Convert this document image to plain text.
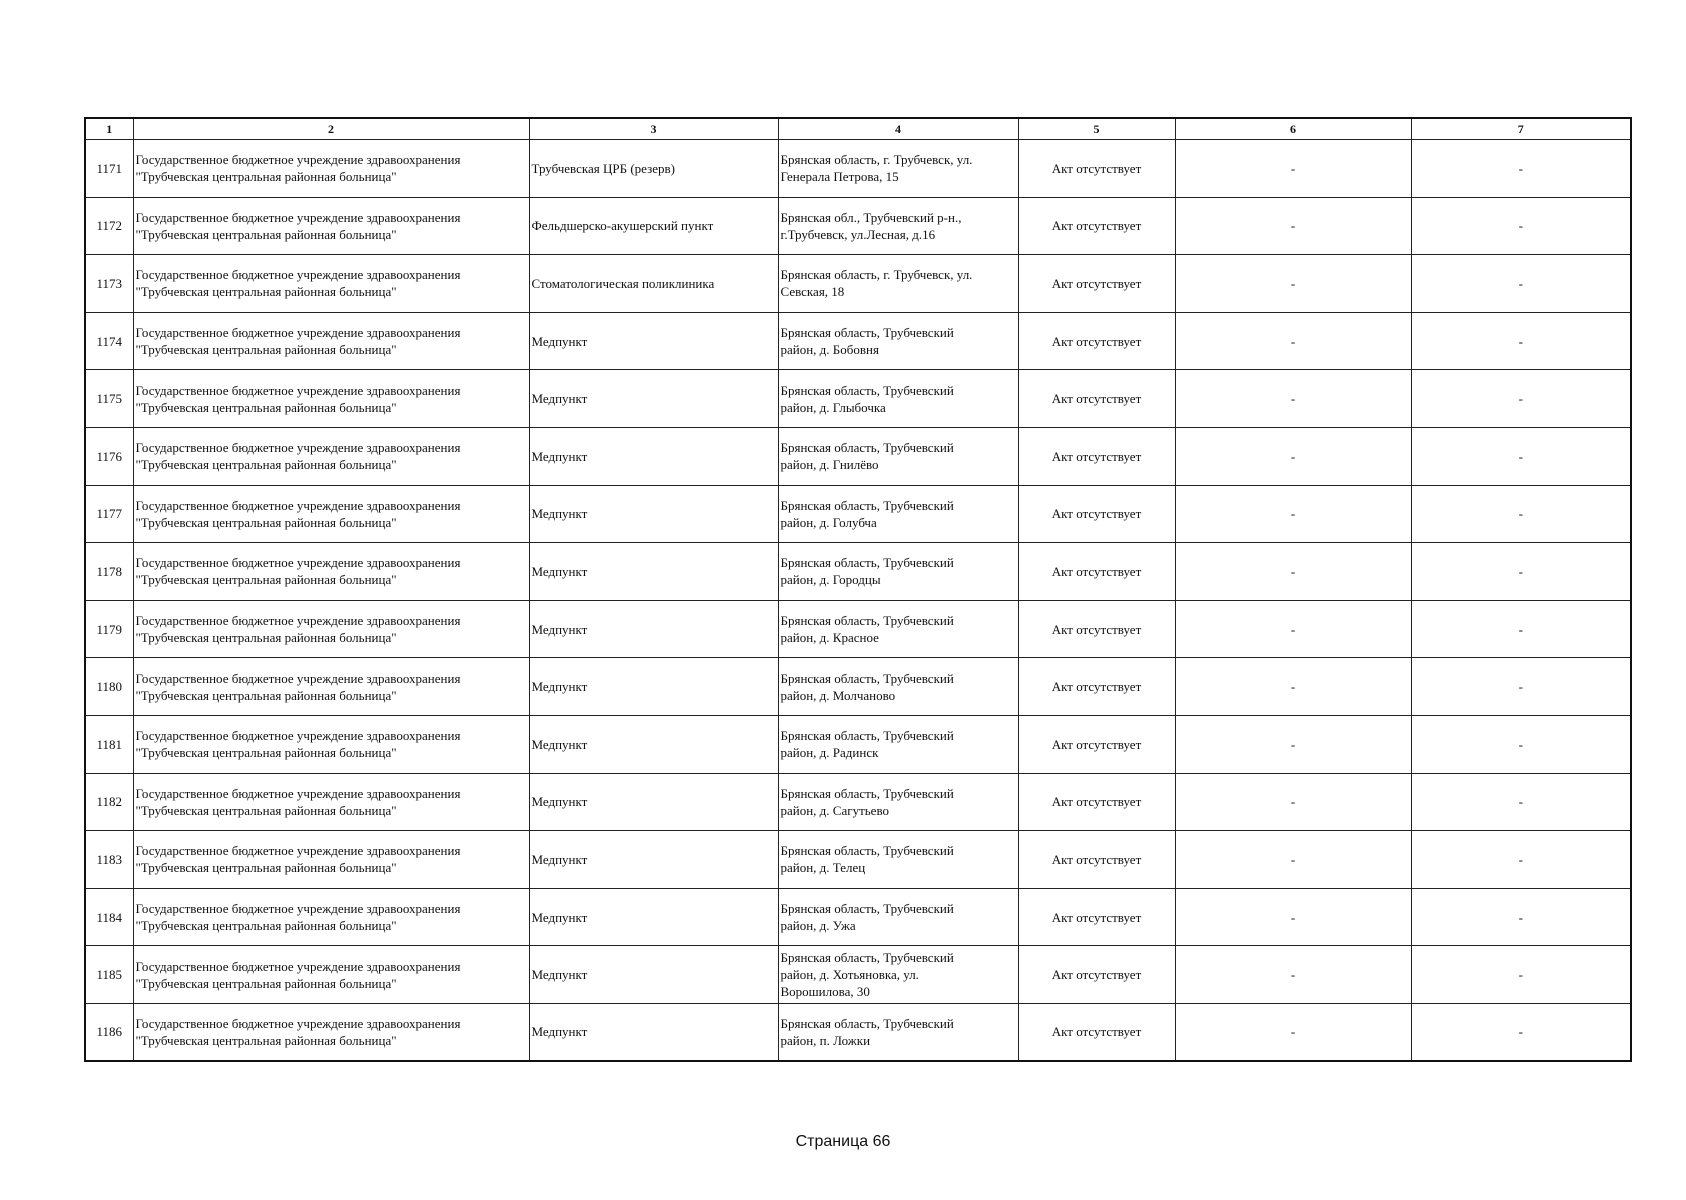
1	2	3	4	5	6	7
1171	Государственное бюджетное учреждение здравоохранения
"Трубчевская центральная районная больница"	Трубчевская ЦРБ (резерв)	Брянская область, г. Трубчевск, ул.
Генерала Петрова, 15	Акт отсутствует	-	-
1172	Государственное бюджетное учреждение здравоохранения
"Трубчевская центральная районная больница"	Фельдшерско-акушерский пункт	Брянская обл., Трубчевский р-н.,
г.Трубчевск, ул.Лесная, д.16	Акт отсутствует	-	-
1173	Государственное бюджетное учреждение здравоохранения
"Трубчевская центральная районная больница"	Стоматологическая поликлиника	Брянская область, г. Трубчевск, ул.
Севская, 18	Акт отсутствует	-	-
1174	Государственное бюджетное учреждение здравоохранения
"Трубчевская центральная районная больница"	Медпункт	Брянская область, Трубчевский
район, д. Бобовня	Акт отсутствует	-	-
1175	Государственное бюджетное учреждение здравоохранения
"Трубчевская центральная районная больница"	Медпункт	Брянская область, Трубчевский
район, д. Глыбочка	Акт отсутствует	-	-
1176	Государственное бюджетное учреждение здравоохранения
"Трубчевская центральная районная больница"	Медпункт	Брянская область, Трубчевский
район, д. Гнилёво	Акт отсутствует	-	-
1177	Государственное бюджетное учреждение здравоохранения
"Трубчевская центральная районная больница"	Медпункт	Брянская область, Трубчевский
район, д. Голубча	Акт отсутствует	-	-
1178	Государственное бюджетное учреждение здравоохранения
"Трубчевская центральная районная больница"	Медпункт	Брянская область, Трубчевский
район, д. Городцы	Акт отсутствует	-	-
1179	Государственное бюджетное учреждение здравоохранения
"Трубчевская центральная районная больница"	Медпункт	Брянская область, Трубчевский
район, д. Красное	Акт отсутствует	-	-
1180	Государственное бюджетное учреждение здравоохранения
"Трубчевская центральная районная больница"	Медпункт	Брянская область, Трубчевский
район, д. Молчаново	Акт отсутствует	-	-
1181	Государственное бюджетное учреждение здравоохранения
"Трубчевская центральная районная больница"	Медпункт	Брянская область, Трубчевский
район, д. Радинск	Акт отсутствует	-	-
1182	Государственное бюджетное учреждение здравоохранения
"Трубчевская центральная районная больница"	Медпункт	Брянская область, Трубчевский
район, д. Сагутьево	Акт отсутствует	-	-
1183	Государственное бюджетное учреждение здравоохранения
"Трубчевская центральная районная больница"	Медпункт	Брянская область, Трубчевский
район, д. Телец	Акт отсутствует	-	-
1184	Государственное бюджетное учреждение здравоохранения
"Трубчевская центральная районная больница"	Медпункт	Брянская область, Трубчевский
район, д. Ужа	Акт отсутствует	-	-
1185	Государственное бюджетное учреждение здравоохранения
"Трубчевская центральная районная больница"	Медпункт	Брянская область, Трубчевский
район, д. Хотьяновка, ул.
Ворошилова, 30	Акт отсутствует	-	-
1186	Государственное бюджетное учреждение здравоохранения
"Трубчевская центральная районная больница"	Медпункт	Брянская область, Трубчевский
район, п. Ложки	Акт отсутствует	-	-
Страница 66
